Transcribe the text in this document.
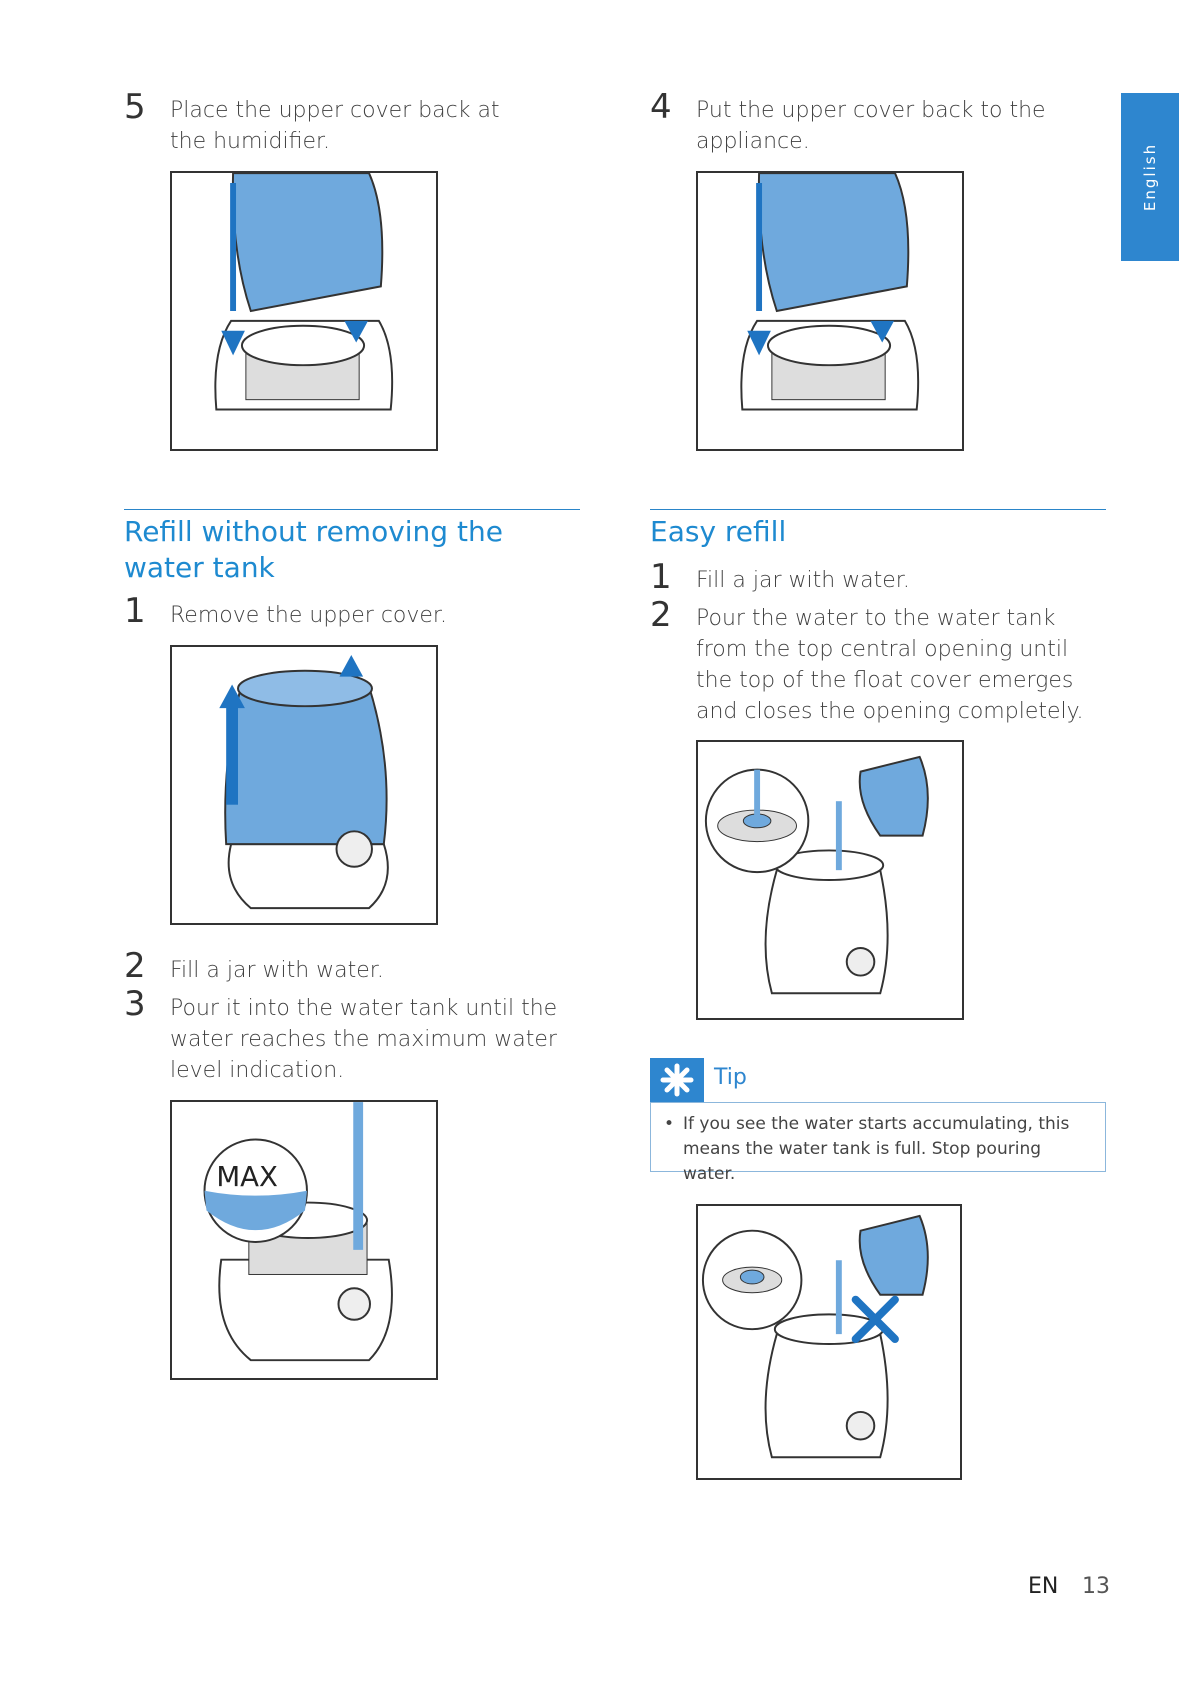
English
5 Place the upper cover back at the humidifier.
Refill without removing the water tank
1 Remove the upper cover.
2 Fill a jar with water.
3 Pour it into the water tank until the water reaches the maximum water level indication.
MAX
4 Put the upper cover back to the appliance.
Easy refill
1 Fill a jar with water.
2 Pour the water to the water tank from the top central opening until the top of the float cover emerges and closes the opening completely.
Tip
• If you see the water starts accumulating, this means the water tank is full. Stop pouring water.
EN 13
